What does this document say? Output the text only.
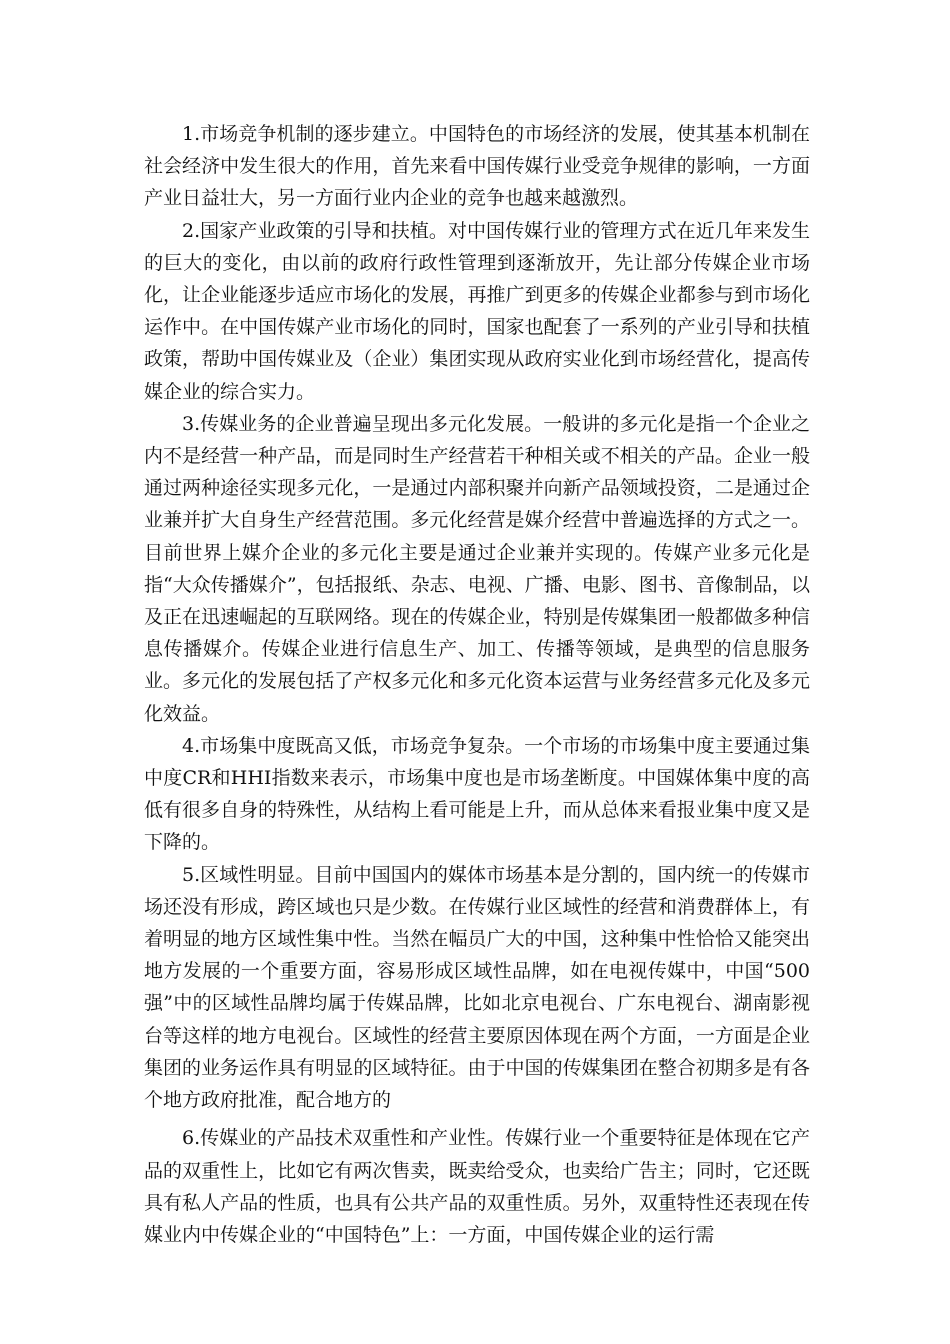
1.市场竞争机制的逐步建立。中国特色的市场经济的发展，使其基本机制在社会经济中发生很大的作用，首先来看中国传媒行业受竞争规律的影响，一方面产业日益壮大，另一方面行业内企业的竞争也越来越激烈。

2.国家产业政策的引导和扶植。对中国传媒行业的管理方式在近几年来发生的巨大的变化，由以前的政府行政性管理到逐渐放开，先让部分传媒企业市场化，让企业能逐步适应市场化的发展，再推广到更多的传媒企业都参与到市场化运作中。在中国传媒产业市场化的同时，国家也配套了一系列的产业引导和扶植政策，帮助中国传媒业及（企业）集团实现从政府实业化到市场经营化，提高传媒企业的综合实力。

3.传媒业务的企业普遍呈现出多元化发展。一般讲的多元化是指一个企业之内不是经营一种产品，而是同时生产经营若干种相关或不相关的产品。企业一般通过两种途径实现多元化，一是通过内部积聚并向新产品领域投资，二是通过企业兼并扩大自身生产经营范围。多元化经营是媒介经营中普遍选择的方式之一。目前世界上媒介企业的多元化主要是通过企业兼并实现的。传媒产业多元化是指“大众传播媒介”，包括报纸、杂志、电视、广播、电影、图书、音像制品，以及正在迅速崛起的互联网络。现在的传媒企业，特别是传媒集团一般都做多种信息传播媒介。传媒企业进行信息生产、加工、传播等领域，是典型的信息服务业。多元化的发展包括了产权多元化和多元化资本运营与业务经营多元化及多元化效益。

4.市场集中度既高又低，市场竞争复杂。一个市场的市场集中度主要通过集中度CR和HHI指数来表示，市场集中度也是市场垄断度。中国媒体集中度的高低有很多自身的特殊性，从结构上看可能是上升，而从总体来看报业集中度又是下降的。

5.区域性明显。目前中国国内的媒体市场基本是分割的，国内统一的传媒市场还没有形成，跨区域也只是少数。在传媒行业区域性的经营和消费群体上，有着明显的地方区域性集中性。当然在幅员广大的中国，这种集中性恰恰又能突出地方发展的一个重要方面，容易形成区域性品牌，如在电视传媒中，中国“500强”中的区域性品牌均属于传媒品牌，比如北京电视台、广东电视台、湖南影视台等这样的地方电视台。区域性的经营主要原因体现在两个方面，一方面是企业集团的业务运作具有明显的区域特征。由于中国的传媒集团在整合初期多是有各个地方政府批准，配合地方的

6.传媒业的产品技术双重性和产业性。传媒行业一个重要特征是体现在它产品的双重性上，比如它有两次售卖，既卖给受众，也卖给广告主；同时，它还既具有私人产品的性质，也具有公共产品的双重性质。另外，双重特性还表现在传媒业内中传媒企业的“中国特色”上：一方面，中国传媒企业的运行需
